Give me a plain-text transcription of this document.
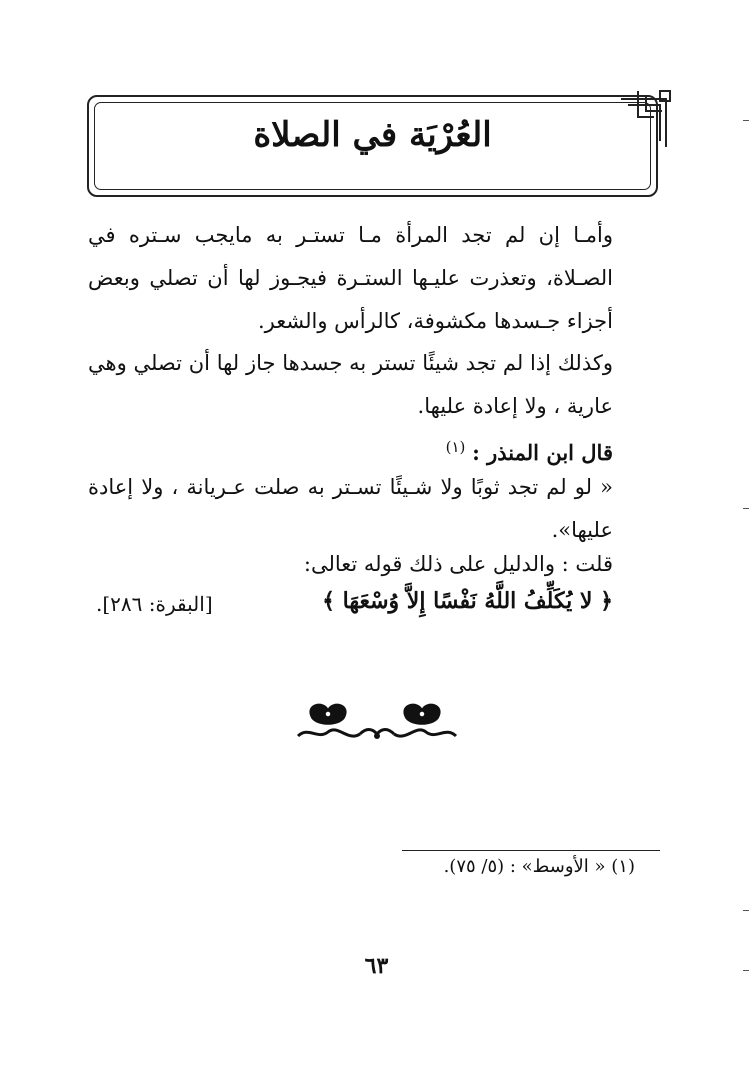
العُرْيَة في الصلاة
وأمـا إن لم تجد المرأة مـا تستـر به مايجب سـتره في الصـلاة، وتعذرت عليـها الستـرة فيجـوز لها أن تصلي وبعض أجزاء جـسدها مكشوفة، كالرأس والشعر.
وكذلك إذا لم تجد شيئًا تستر به جسدها جاز لها أن تصلي وهي عارية ، ولا إعادة عليها.
قال ابن المنذر : $^{(١)}$
« لو لم تجد ثوبًا ولا شـيئًا تسـتر به صلت عـريانة ، ولا إعادة عليها».
قلت : والدليل على ذلك قوله تعالى:
﴿ لا يُكَلِّفُ اللَّهُ نَفْسًا إِلاَّ وُسْعَهَا ﴾
[البقرة: ٢٨٦].
(١) « الأوسط» : (٥/ ٧٥).
٦٣
